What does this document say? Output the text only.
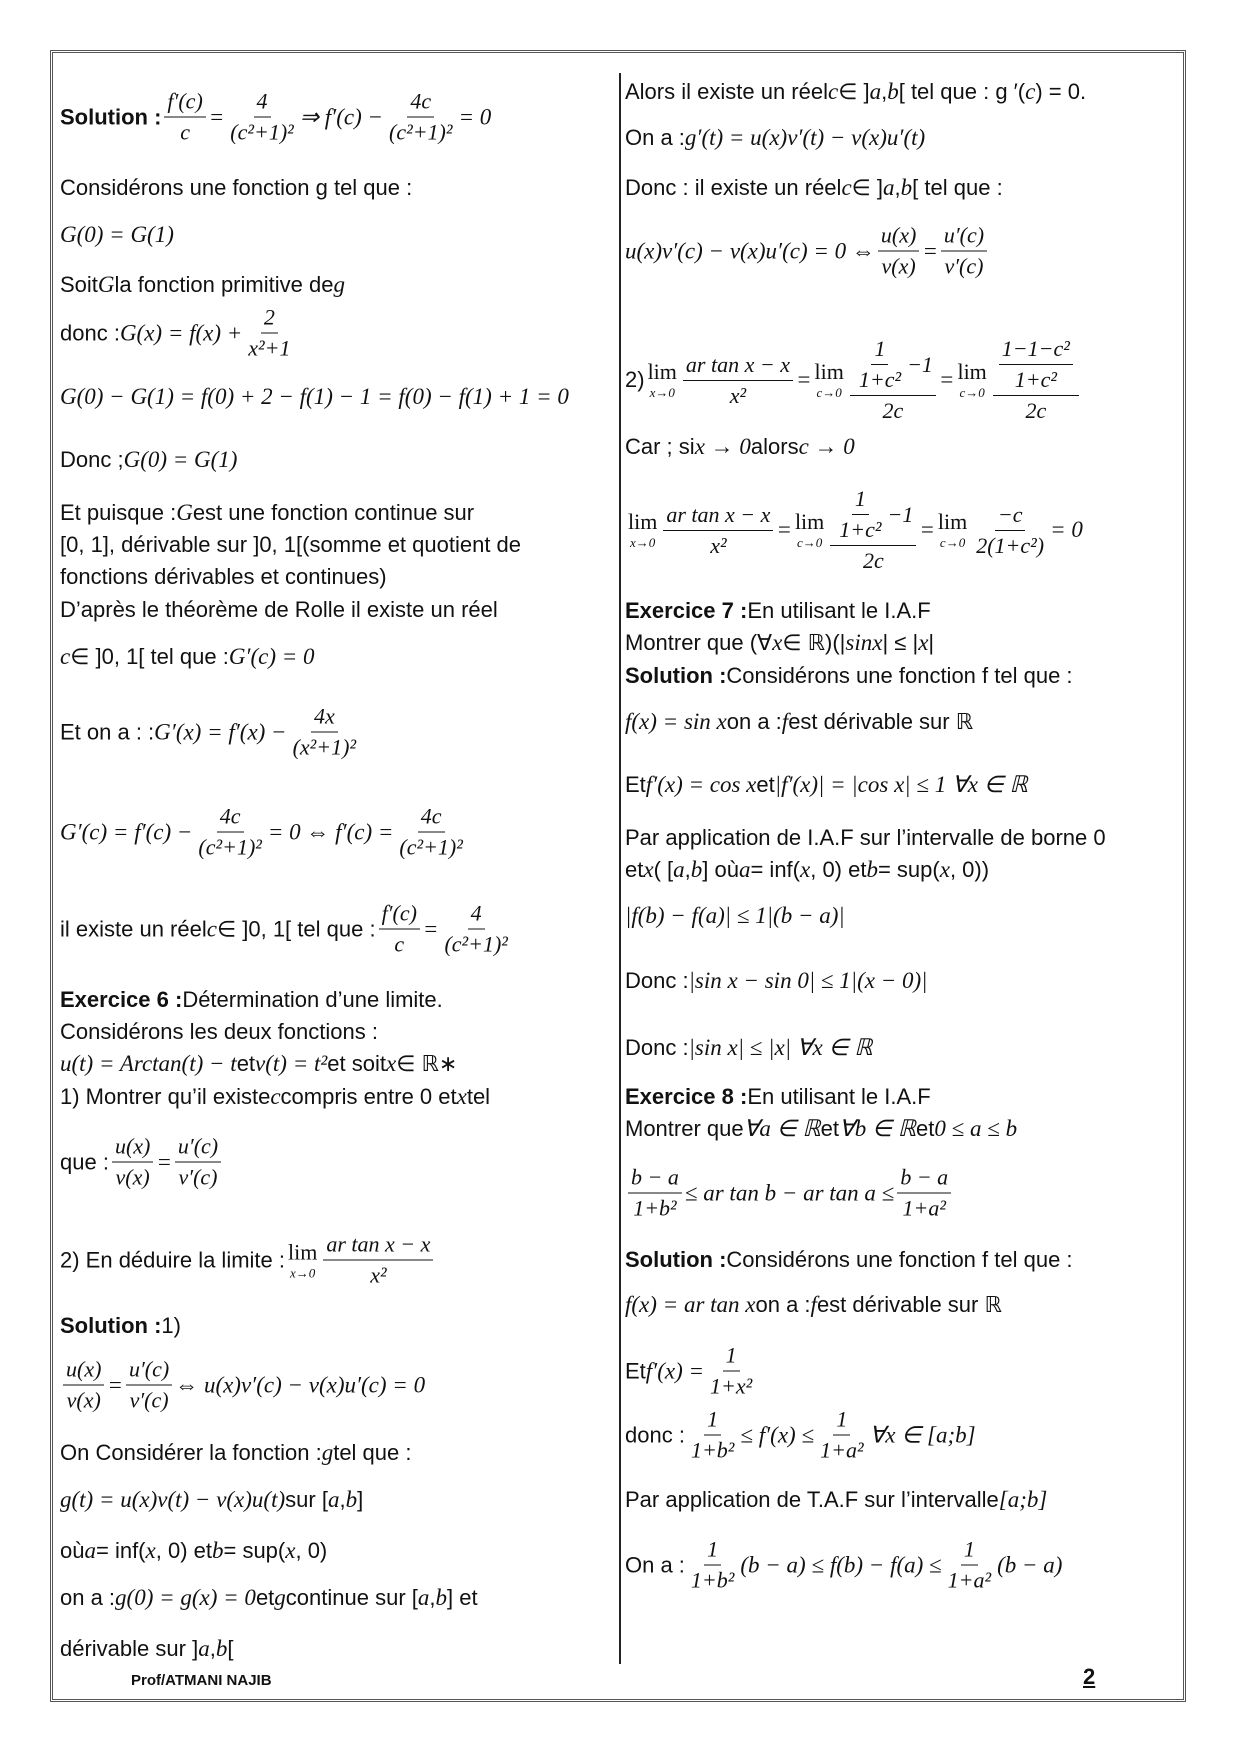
Solution : $\frac{f'(c)}{c} = \frac{4}{\text{(c²+1)²}}$ ⇒ $f'(c) - \frac{4c}{\text{(c²+1)²}} = 0$
Considérons une fonction g tel que :
G(0) = G(1)
Soit G la fonction primitive de g
donc : $G(x) = f(x) + \frac{2}{\text{x²+1}}$
G(0) − G(1) = f(0) + 2 − f(1) − 1 = f(0) − f(1) + 1 = 0
Donc ; G(0) = G(1)
Et puisque : G est une fonction continue sur
[0, 1], dérivable sur ]0, 1[(somme et quotient de
fonctions dérivables et continues)
D’après le théorème de Rolle il existe un réel
c ∈ ]0, 1[ tel que : G′(c) = 0
Et on a : : $G'(x) = f'(x) - \frac{4x}{\text{(x²+1)²}}$
$G'(c) = f'(c) - \frac{4c}{\text{(c²+1)²}} = 0$ ⇔ $f'(c) = \frac{4c}{\text{(c²+1)²}}$
il existe un réel c ∈ ]0, 1[ tel que : $\frac{f'(c)}{c} = \frac{4}{\text{(c²+1)²}}$
Exercice 6 : Détermination d’une limite.
Considérons les deux fonctions :
u(t) = Arctan(t) − t et v(t) = t² et soit x ∈ ℝ∗
1) Montrer qu’il existe c compris entre 0 et x tel
que : $\frac{u(x)}{v(x)} = \frac{u'(c)}{v'(c)}$
2) En déduire la limite : lim
$x\to 0 \frac{\text{ar tan x − x}}{\text{x²}}$
Solution : 1)
$\frac{u(x)}{v(x)} = \frac{u'(c)}{v'(c)}$ ⇔ u(x)v′(c) − v(x)u′(c) = 0
On Considérer la fonction : g tel que :
g(t) = u(x)v(t) − v(x)u(t) sur [ a , b ]
où a = inf( x , 0) et b = sup( x , 0)
on a : g(0) = g(x) = 0 et g continue sur [ a , b ] et
dérivable sur ] a , b [
Alors il existe un réel c ∈ ] a , b [ tel que : g ′( c ) = 0.
On a : g′(t) = u(x)v′(t) − v(x)u′(t)
Donc : il existe un réel c ∈ ] a , b [ tel que :
u(x)v′(c) − v(x)u′(c) = 0 ⇔ $\frac{u(x)}{v(x)} = \frac{u'(c)}{v'(c)}$
2) lim
$x\to 0 \frac{\text{ar tan x − x}}{\text{x²}} = \lim$
$c\to 0 \frac{\frac{1}{\text{1+c²}} -1}{2c} = \lim$
$c\to 0 \frac{\frac{\text{1−1−c²}}{\text{1+c²}}}{2c}$
Car ; si x → 0 alors c → 0
lim
$x\to 0 \frac{\text{ar tan x − x}}{\text{x²}} = \lim$
$c\to 0 \frac{\frac{1}{\text{1+c²}} -1}{2c} = \lim$
$c\to 0 \frac{-c}{\text{2(1+c²)}} = 0$
Exercice 7 : En utilisant le I.A.F
Montrer que (∀ x ∈ ℝ)(| sinx | ≤ | x |
Solution : Considérons une fonction f tel que :
f(x) = sin x on a : f est dérivable sur ℝ
Et f′(x) = cos x et |f′(x)| = |cos x| ≤ 1 ∀x ∈ ℝ
Par application de I.A.F sur l’intervalle de borne 0
et x ( [ a , b ] où a = inf( x , 0) et b = sup( x , 0))
|f(b) − f(a)| ≤ 1|(b − a)|
Donc : |sin x − sin 0| ≤ 1|(x − 0)|
Donc : |sin x| ≤ |x| ∀x ∈ ℝ
Exercice 8 : En utilisant le I.A.F
Montrer que ∀a ∈ ℝ et ∀b ∈ ℝ et 0 ≤ a ≤ b
$\frac{b - a}{\text{1+b²}}$ ≤ ar tan b − ar $\tan a \le \frac{b - a}{\text{1+a²}}$
Solution : Considérons une fonction f tel que :
f(x) = ar tan x on a : f est dérivable sur ℝ
Et $f'(x) = \frac{1}{\text{1+x²}}$
donc : $\frac{1}{\text{1+b²}} \le f'(x) \le \frac{1}{\text{1+a²}}$ ∀x ∈ [a;b]
Par application de T.A.F sur l’intervalle [a;b]
On a : $\frac{1}{\text{1+b²}} (b - a) \le f(b) - f(a) \le \frac{1}{\text{1+a²}} (b - a)$
Prof/ATMANI NAJIB	2
